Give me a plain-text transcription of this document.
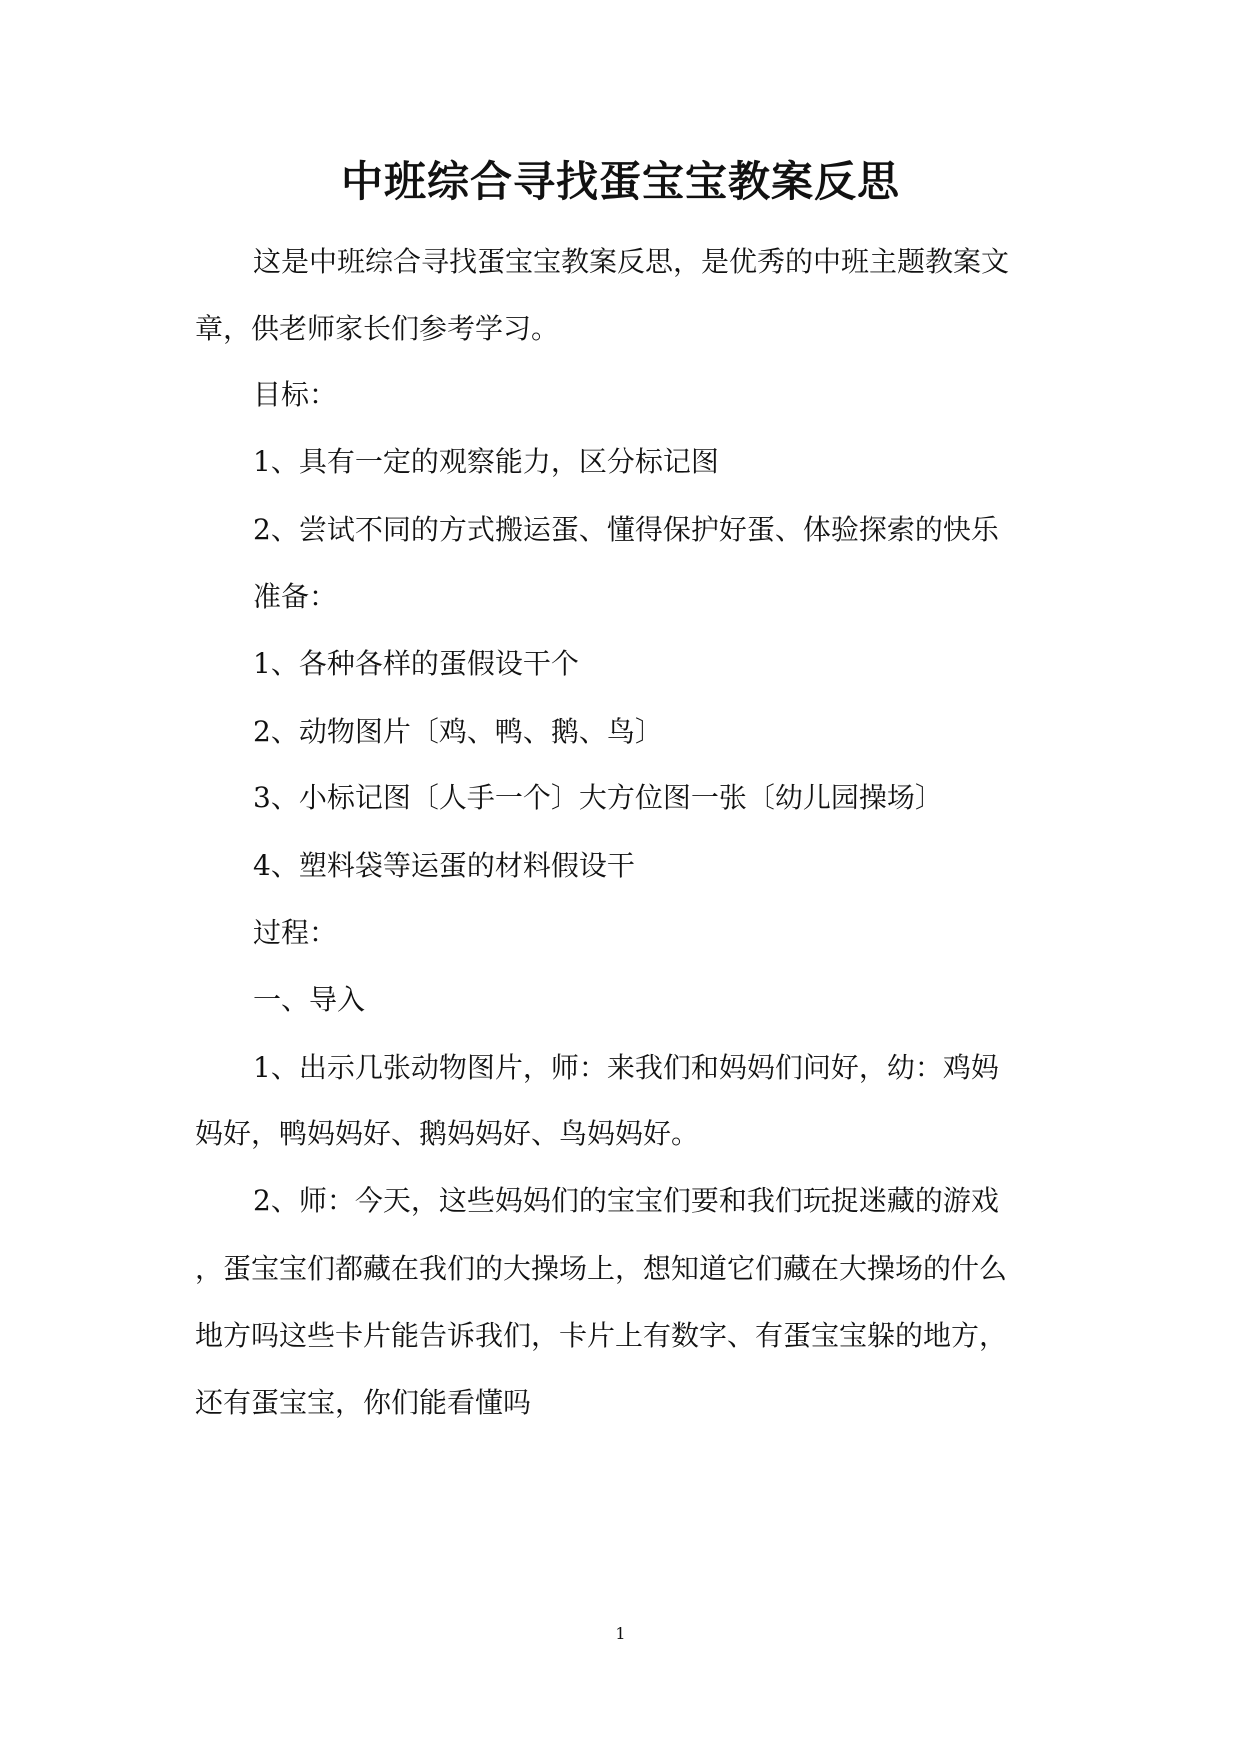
中班综合寻找蛋宝宝教案反思
这是中班综合寻找蛋宝宝教案反思，是优秀的中班主题教案文
章，供老师家长们参考学习。
目标：
1、具有一定的观察能力，区分标记图
2、尝试不同的方式搬运蛋、懂得保护好蛋、体验探索的快乐
准备：
1、各种各样的蛋假设干个
2、动物图片〔鸡、鸭、鹅、鸟〕
3、小标记图〔人手一个〕大方位图一张〔幼儿园操场〕
4、塑料袋等运蛋的材料假设干
过程：
一、导入
1、出示几张动物图片，师：来我们和妈妈们问好，幼：鸡妈
妈好，鸭妈妈好、鹅妈妈好、鸟妈妈好。
2、师：今天，这些妈妈们的宝宝们要和我们玩捉迷藏的游戏
，蛋宝宝们都藏在我们的大操场上，想知道它们藏在大操场的什么
地方吗这些卡片能告诉我们，卡片上有数字、有蛋宝宝躲的地方，
还有蛋宝宝，你们能看懂吗
1
